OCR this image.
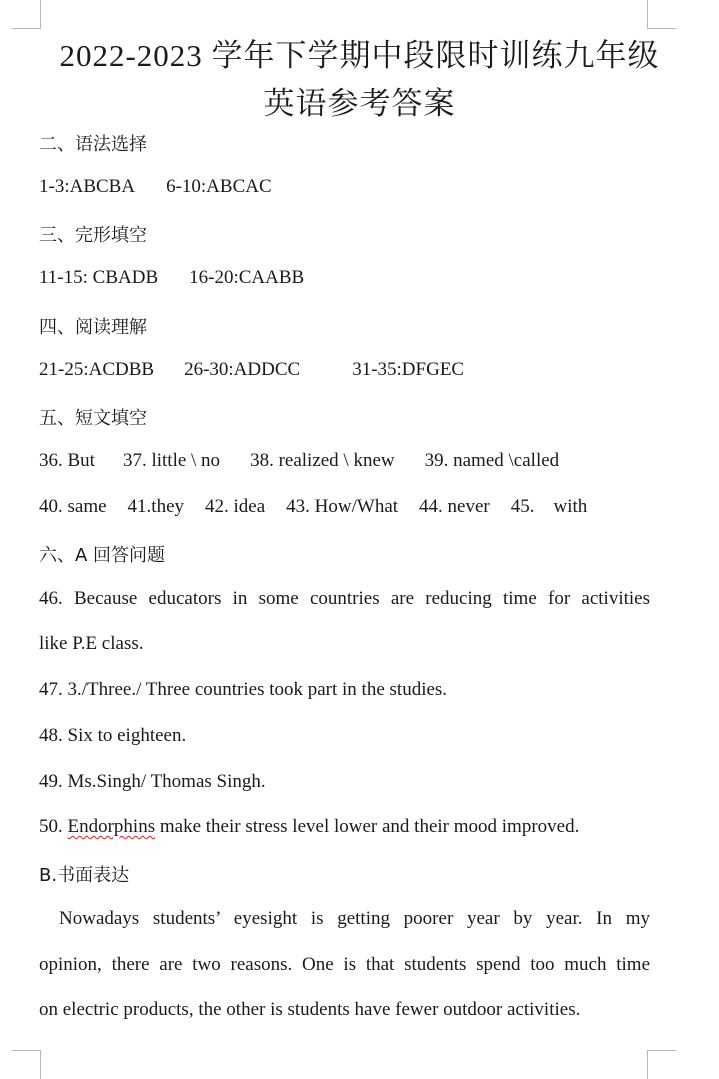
2022-2023 学年下学期中段限时训练九年级
英语参考答案
二、语法选择
1-3:ABCBA 6-10:ABCAC
三、完形填空
11-15: CBADB 16-20:CAABB
四、阅读理解
21-25:ACDBB 26-30:ADDCC	31-35:DFGEC
五、短文填空
36. But 37. little \ no 38. realized \ knew 39. named \called
40. same 41.they 42. idea 43. How/What 44. never 45. with
六、A 回答问题
46. Because educators in some countries are reducing time for activities
like P.E class.
47. 3./Three./ Three countries took part in the studies.
48. Six to eighteen.
49. Ms.Singh/ Thomas Singh.
50. Endorphins make their stress level lower and their mood improved.
B.书面表达
Nowadays students’ eyesight is getting poorer year by year. In my
opinion, there are two reasons. One is that students spend too much time
on electric products, the other is students have fewer outdoor activities.
